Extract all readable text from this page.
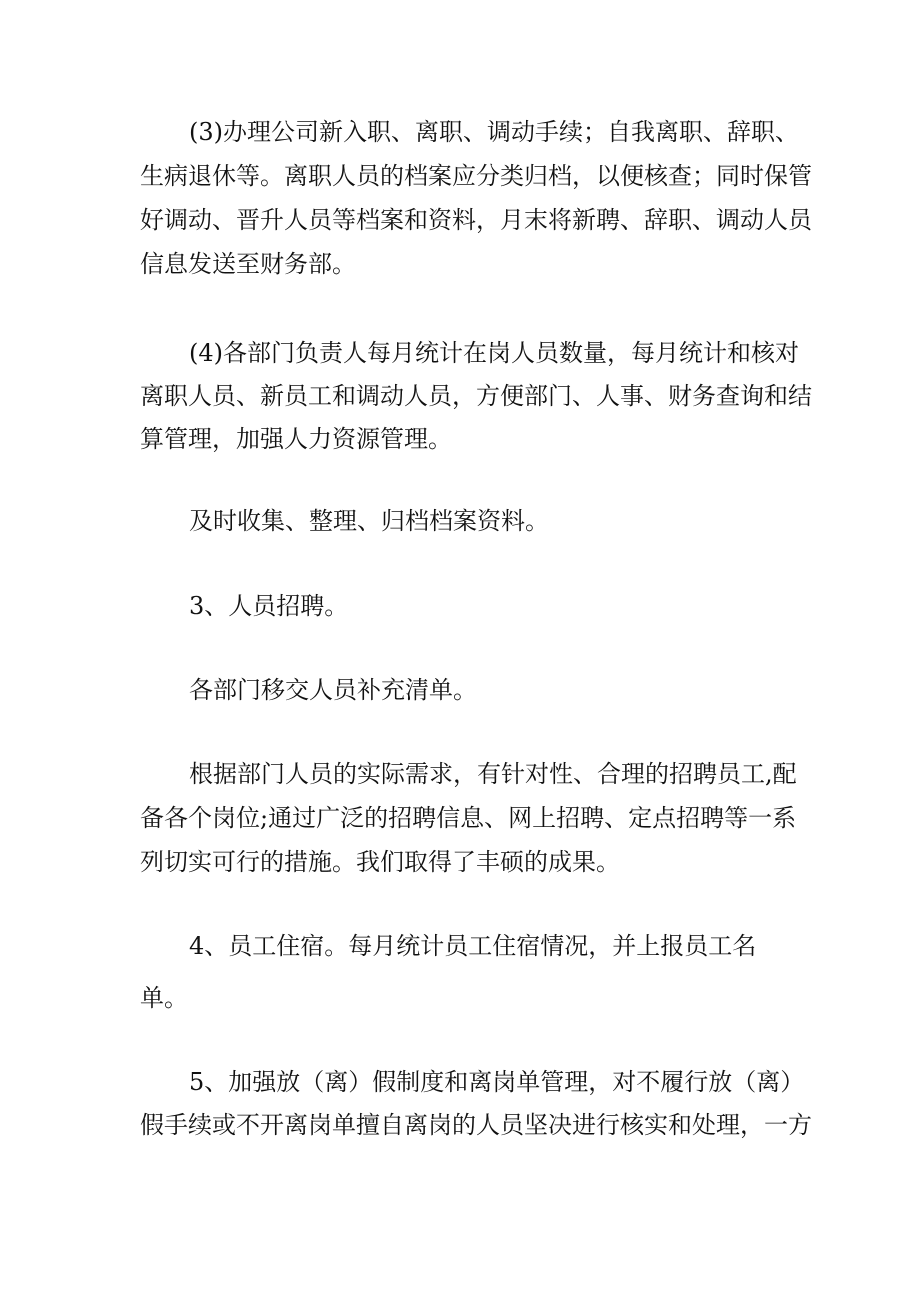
(3)办理公司新入职、离职、调动手续；自我离职、辞职、
生病退休等。离职人员的档案应分类归档，以便核查；同时保管
好调动、晋升人员等档案和资料，月末将新聘、辞职、调动人员
信息发送至财务部。
(4)各部门负责人每月统计在岗人员数量，每月统计和核对
离职人员、新员工和调动人员，方便部门、人事、财务查询和结
算管理，加强人力资源管理。
及时收集、整理、归档档案资料。
3、人员招聘。
各部门移交人员补充清单。
根据部门人员的实际需求，有针对性、合理的招聘员工,配
备各个岗位;通过广泛的招聘信息、网上招聘、定点招聘等一系
列切实可行的措施。我们取得了丰硕的成果。
4、员工住宿。每月统计员工住宿情况，并上报员工名
单。
5、加强放（离）假制度和离岗单管理，对不履行放（离）
假手续或不开离岗单擅自离岗的人员坚决进行核实和处理，一方
